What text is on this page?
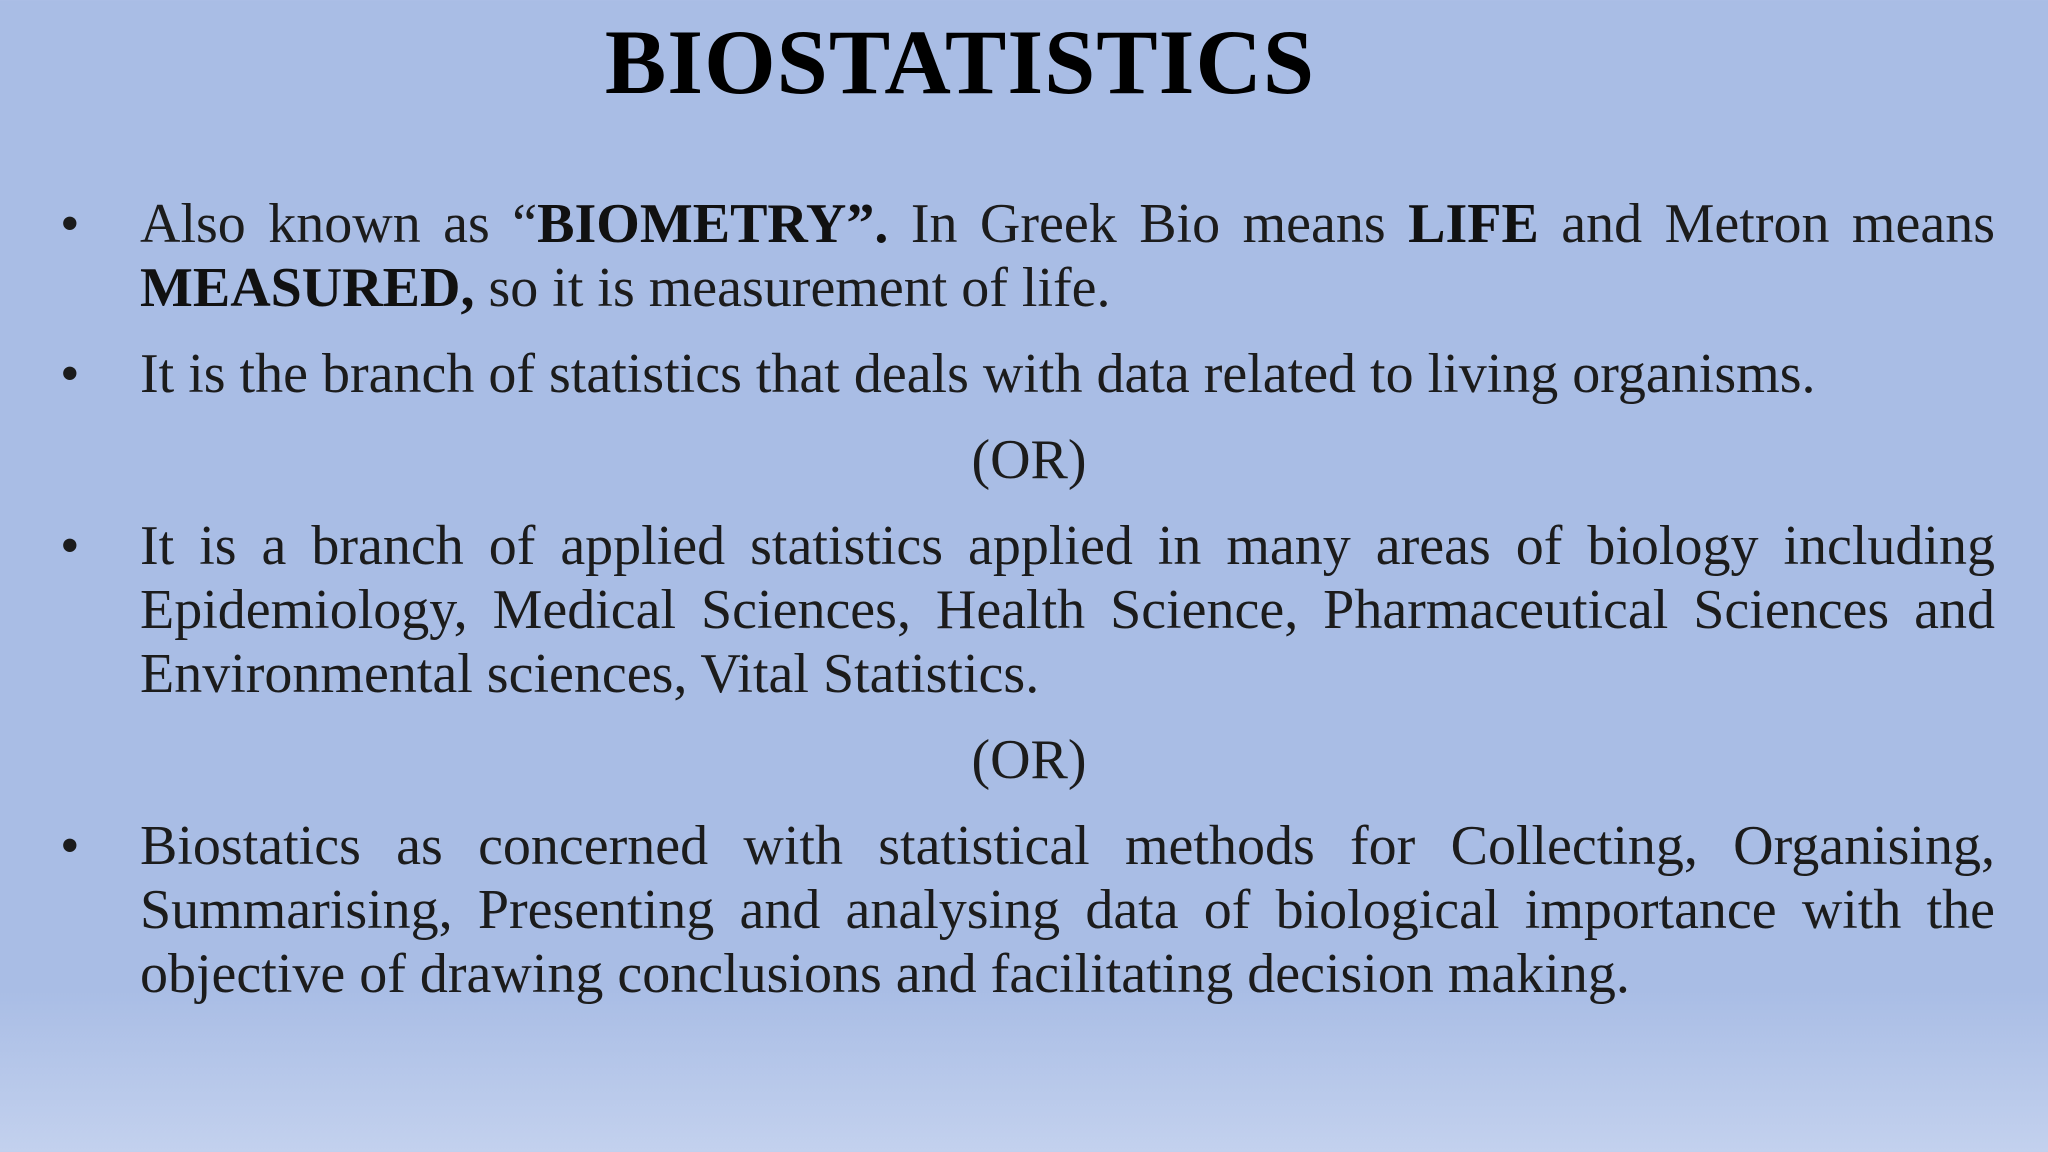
BIOSTATISTICS
• Also known as “BIOMETRY”. In Greek Bio means LIFE and Metron means MEASURED, so it is measurement of life.
• It is the branch of statistics that deals with data related to living organisms.
(OR)
• It is a branch of applied statistics applied in many areas of biology including Epidemiology, Medical Sciences, Health Science, Pharmaceutical Sciences and Environmental sciences, Vital Statistics.
(OR)
• Biostatics as concerned with statistical methods for Collecting, Organising, Summarising, Presenting and analysing data of biological importance with the objective of drawing conclusions and facilitating decision making.
